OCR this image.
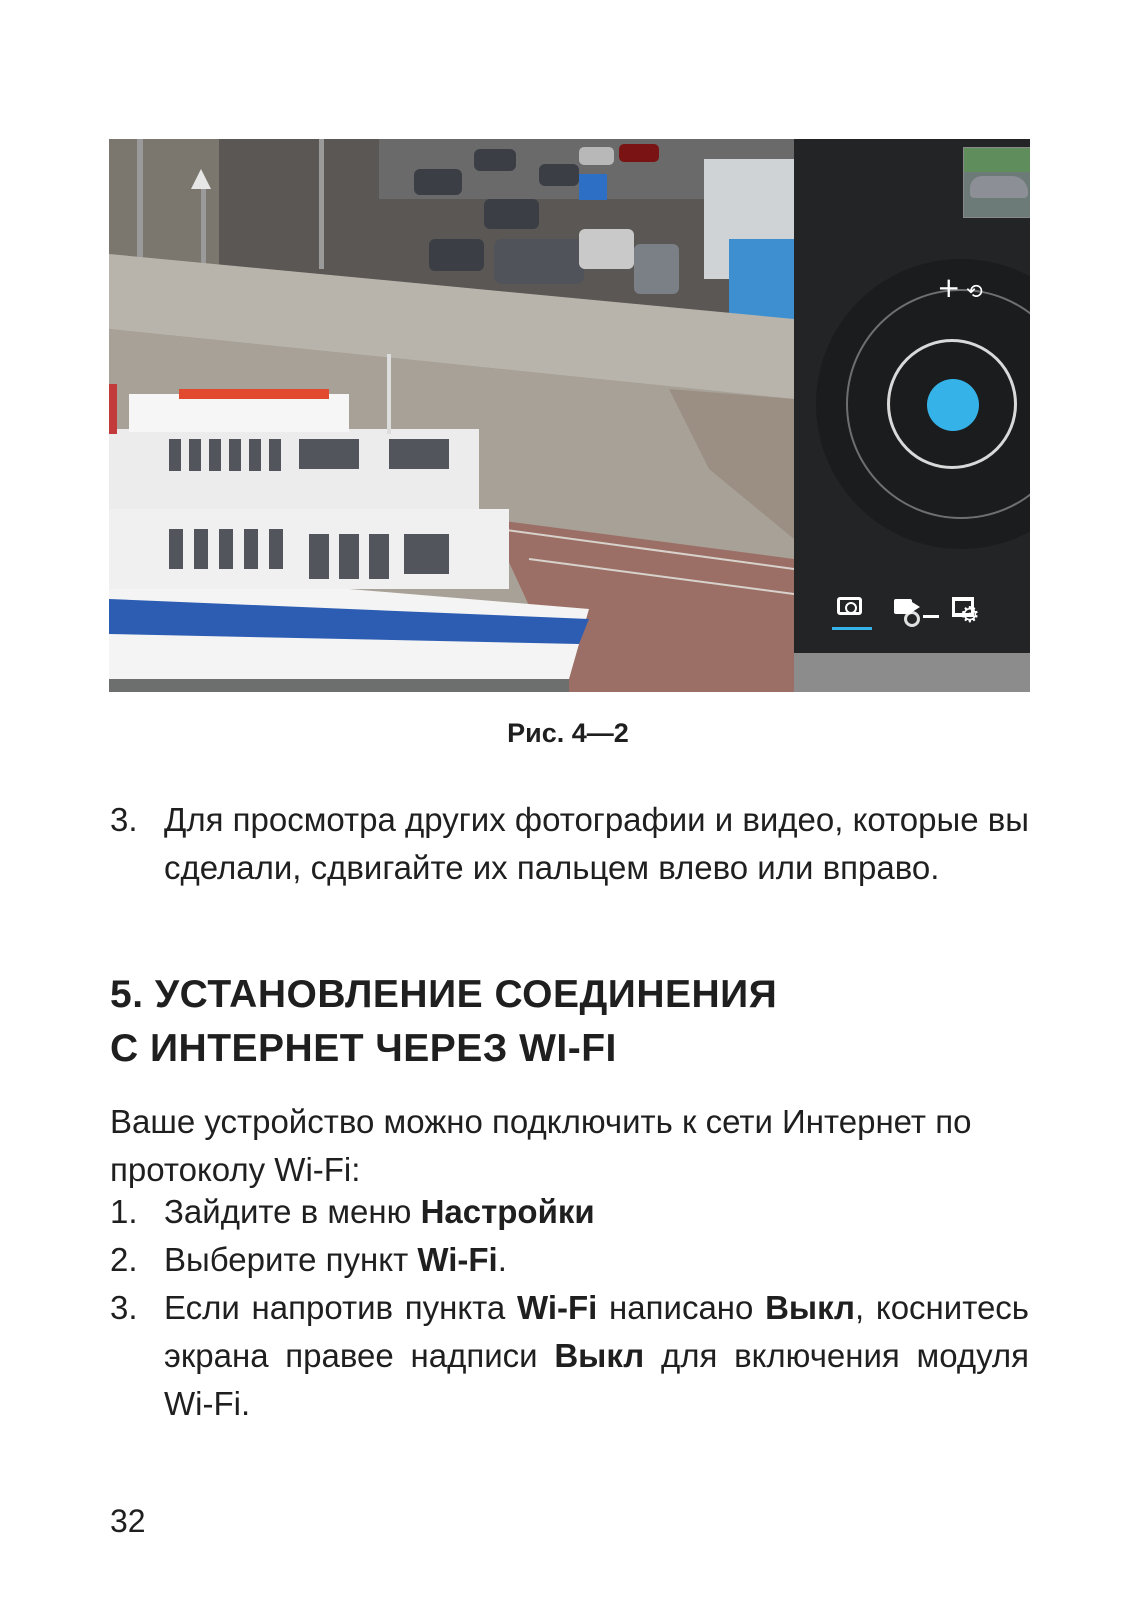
+ ⟲
⚙
Рис. 4—2
3. Для просмотра других фотографии и видео, которые вы сделали, сдвигайте их пальцем влево или вправо.
5. УСТАНОВЛЕНИЕ СОЕДИНЕНИЯ
С ИНТЕРНЕТ ЧЕРЕЗ WI-FI
Ваше устройство можно подключить к сети Интернет по протоколу Wi-Fi:
1. Зайдите в меню Настройки
2. Выберите пункт Wi-Fi.
3. Если напротив пункта Wi-Fi написано Выкл, коснитесь экрана правее надписи Выкл для включения модуля Wi-Fi.
32
